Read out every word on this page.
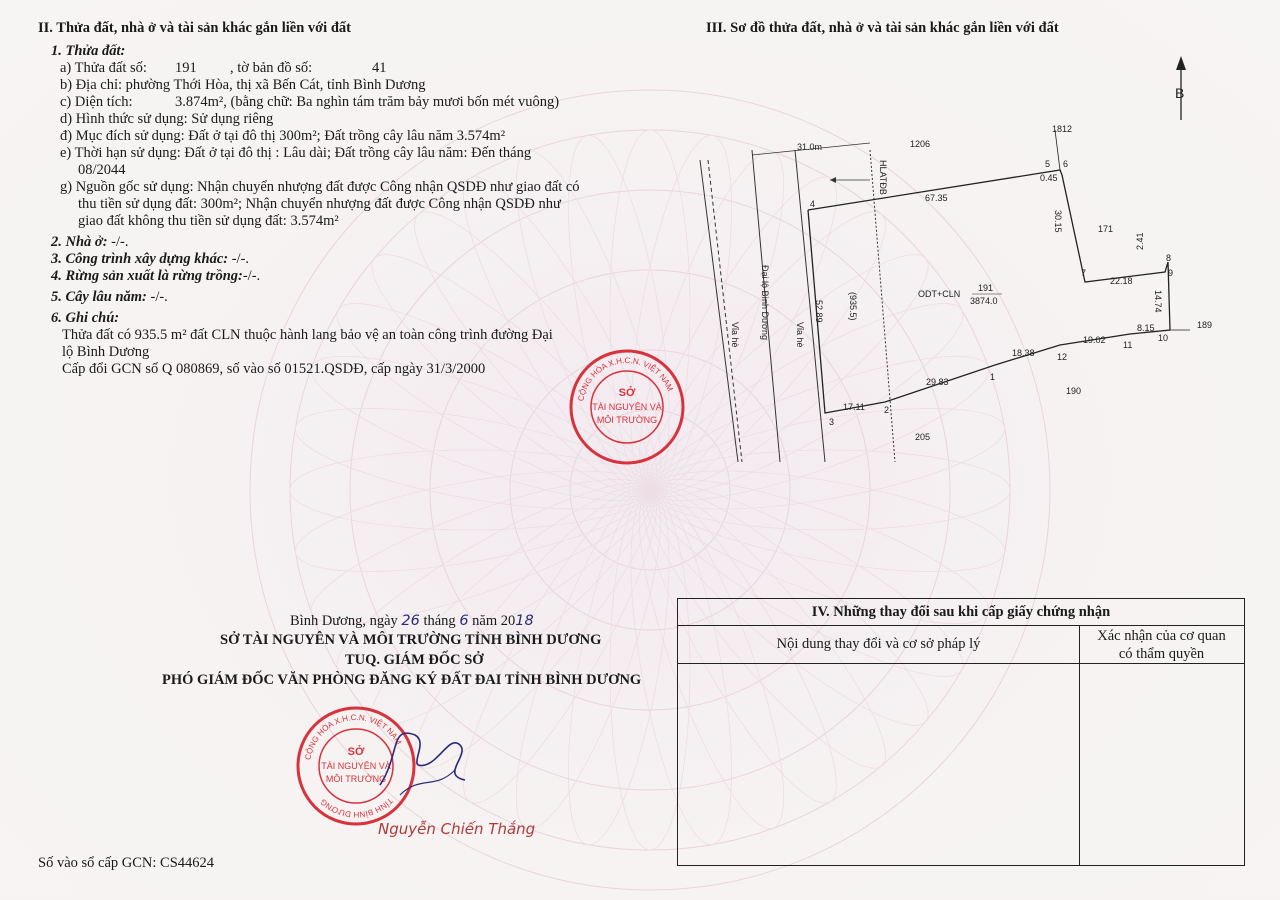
II. Thửa đất, nhà ở và tài sản khác gắn liền với đất
1. Thửa đất:
a) Thửa đất số: 191 , tờ bản đồ số:	41
b) Địa chỉ: phường Thới Hòa, thị xã Bến Cát, tỉnh Bình Dương
c) Diện tích:	3.874m², (bằng chữ: Ba nghìn tám trăm bảy mươi bốn mét vuông)
d) Hình thức sử dụng: Sử dụng riêng
đ) Mục đích sử dụng: Đất ở tại đô thị 300m²; Đất trồng cây lâu năm 3.574m²
e) Thời hạn sử dụng: Đất ở tại đô thị : Lâu dài; Đất trồng cây lâu năm: Đến tháng
08/2044
g) Nguồn gốc sử dụng: Nhận chuyển nhượng đất được Công nhận QSDĐ như giao đất có
thu tiền sử dụng đất: 300m²; Nhận chuyển nhượng đất được Công nhận QSDĐ như
giao đất không thu tiền sử dụng đất: 3.574m²
2. Nhà ở: -/-.
3. Công trình xây dựng khác: -/-.
4. Rừng sản xuất là rừng trồng:-/-.
5. Cây lâu năm: -/-.
6. Ghi chú:
Thửa đất có 935.5 m² đất CLN thuộc hành lang bảo vệ an toàn công trình đường Đại
lộ Bình Dương
Cấp đổi GCN số Q 080869, số vào số 01521.QSDĐ, cấp ngày 31/3/2000
CỘNG HÒA X.H.C.N. VIỆT NAM
SỞ
TÀI NGUYÊN VÀ
MÔI TRƯỜNG
Bình Dương, ngày 26 tháng 6 năm 2018
SỞ TÀI NGUYÊN VÀ MÔI TRƯỜNG TỈNH BÌNH DƯƠNG
TUQ. GIÁM ĐỐC SỞ
PHÓ GIÁM ĐỐC VĂN PHÒNG ĐĂNG KÝ ĐẤT ĐAI TỈNH BÌNH DƯƠNG
CỘNG HÒA X.H.C.N. VIỆT NAM
TỈNH BÌNH DƯƠNG
SỞ
TÀI NGUYÊN VÀ
MÔI TRƯỜNG
Nguyễn Chiến Thắng
Số vào sổ cấp GCN: CS44624
III. Sơ đồ thửa đất, nhà ở và tài sản khác gắn liền với đất
B
31.0m
HLATĐB
1206
1812
171
189
190
205
67.35
0.45
30.15
2.41
22.18
14.74
8.15
19.02
18.38
29.83
17.11
52.89
ODT+CLN
191
3874.0
(935.5)
Đại lộ Bình Dương
Vỉa hè	Vỉa hè
1
2
3
4
5 6
7
8
9
10
11
12
IV. Những thay đổi sau khi cấp giấy chứng nhận
Nội dung thay đổi và cơ sở pháp lý	Xác nhận của cơ quan
có thẩm quyền
